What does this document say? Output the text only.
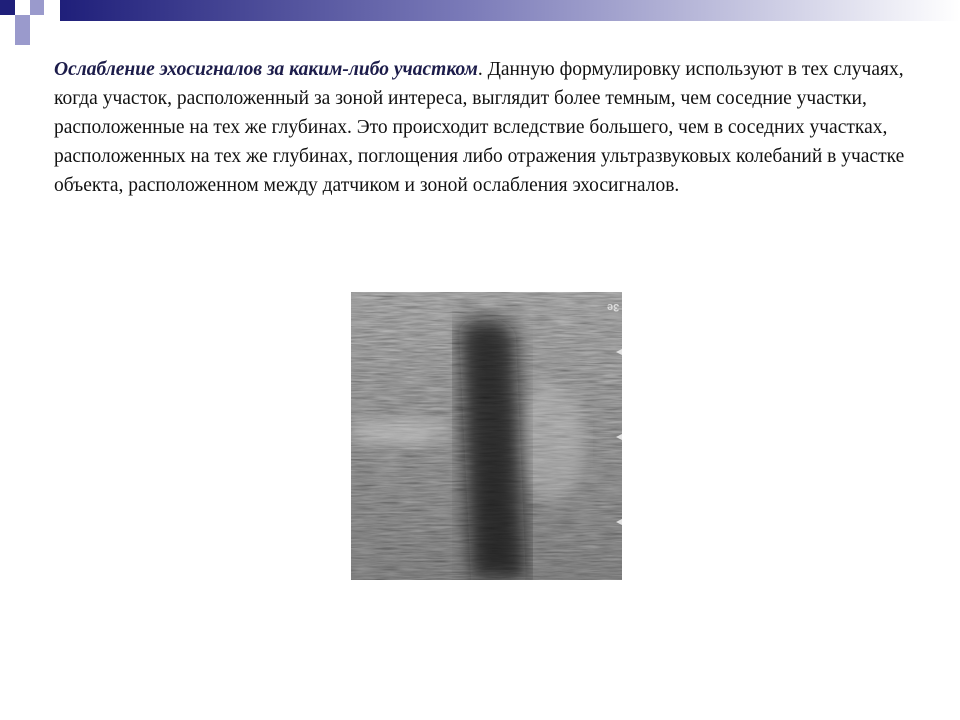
Ослабление эхосигналов за каким-либо участком. Данную формулировку используют в тех случаях, когда участок, расположенный за зоной интереса, выглядит более темным, чем соседние участки, расположенные на тех же глубинах. Это происходит вследствие большего, чем в соседних участках, расположенных на тех же глубинах, поглощения либо отражения ультразвуковых колебаний в участке объекта, расположенном между датчиком и зоной ослабления эхосигналов.

3e
